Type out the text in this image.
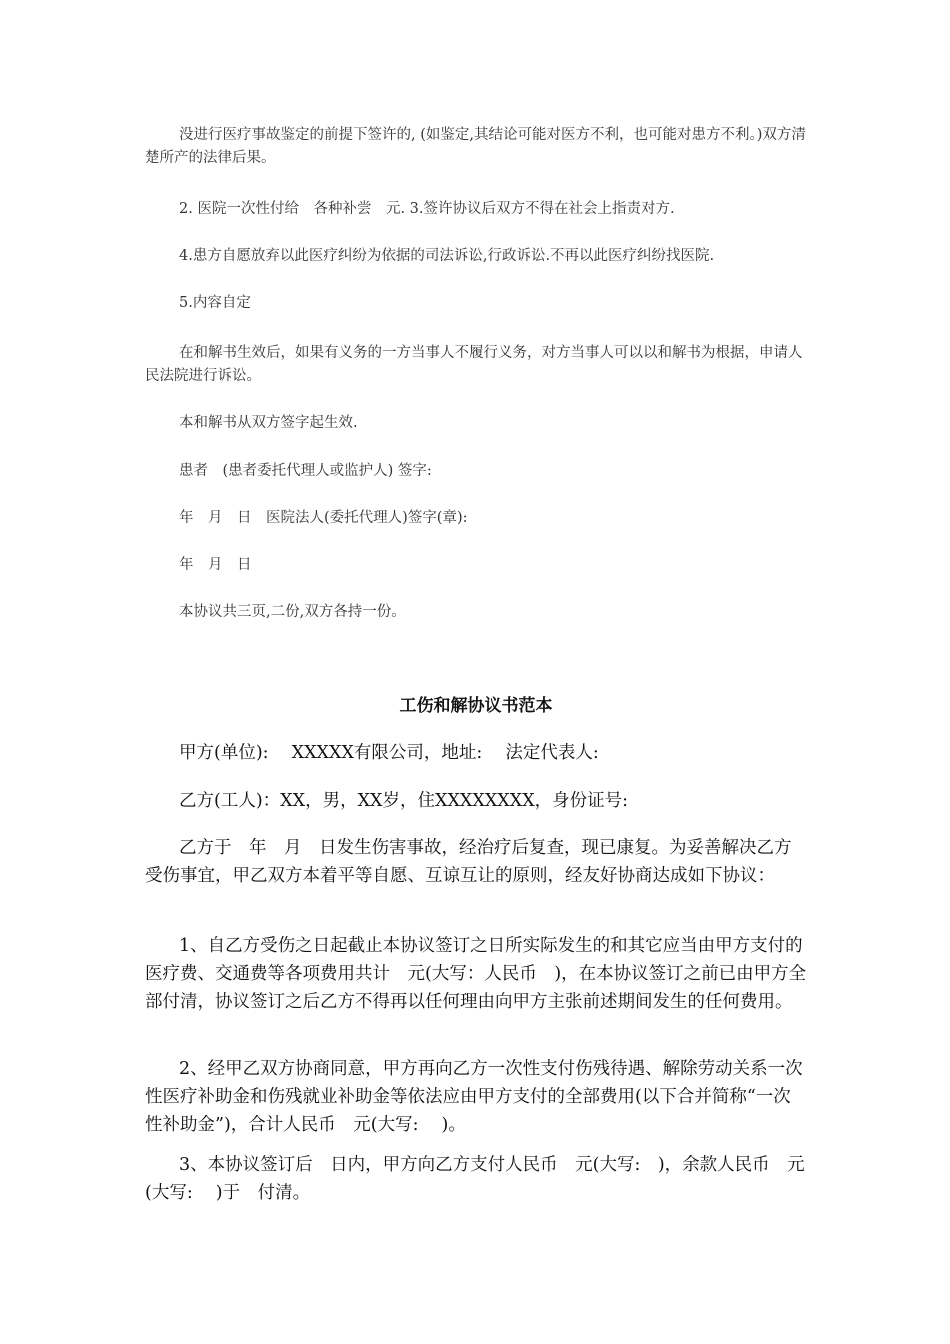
没进行医疗事故鉴定的前提下签许的, (如鉴定,其结论可能对医方不利，也可能对患方不利。)双方清楚所产的法律后果。

2. 医院一次性付给　各种补尝　元. 3.签许协议后双方不得在社会上指责对方.

4.患方自愿放弃以此医疗纠纷为依据的司法诉讼,行政诉讼.不再以此医疗纠纷找医院.

5.内容自定

在和解书生效后，如果有义务的一方当事人不履行义务，对方当事人可以以和解书为根据，申请人民法院进行诉讼。

本和解书从双方签字起生效.

患者　(患者委托代理人或监护人) 签字:

年　月　日　医院法人(委托代理人)签字(章):

年　月　日

本协议共三页,二份,双方各持一份。

工伤和解协议书范本

甲方(单位):　 XXXXX有限公司，地址:　 法定代表人:

乙方(工人)：XX，男，XX岁，住XXXXXXXX，身份证号:

乙方于　年　月　日发生伤害事故，经治疗后复查，现已康复。为妥善解决乙方受伤事宜，甲乙双方本着平等自愿、互谅互让的原则，经友好协商达成如下协议：

1、自乙方受伤之日起截止本协议签订之日所实际发生的和其它应当由甲方支付的医疗费、交通费等各项费用共计　元(大写：人民币　)，在本协议签订之前已由甲方全部付清，协议签订之后乙方不得再以任何理由向甲方主张前述期间发生的任何费用。

2、经甲乙双方协商同意，甲方再向乙方一次性支付伤残待遇、解除劳动关系一次性医疗补助金和伤残就业补助金等依法应由甲方支付的全部费用(以下合并简称“一次性补助金”)，合计人民币　元(大写:　 )。

3、本协议签订后　日内，甲方向乙方支付人民币　元(大写:　)，余款人民币　元(大写:　 )于　付清。
